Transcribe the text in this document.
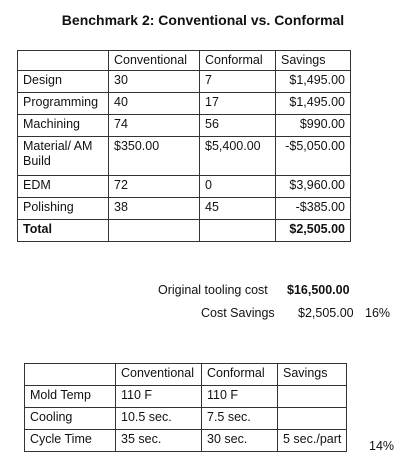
Benchmark 2: Conventional vs. Conformal
	Conventional	Conformal	Savings
Design	30	7	$1,495.00
Programming	40	17	$1,495.00
Machining	74	56	$990.00
Material/ AM Build	$350.00	$5,400.00	-$5,050.00
EDM	72	0	$3,960.00
Polishing	38	45	-$385.00
Total			$2,505.00
Original tooling cost $16,500.00
Cost Savings $2,505.00 16%
	Conventional	Conformal	Savings
Mold Temp	110 F	110 F	
Cooling	10.5 sec.	7.5 sec.	
Cycle Time	35 sec.	30 sec.	5 sec./part 14%
